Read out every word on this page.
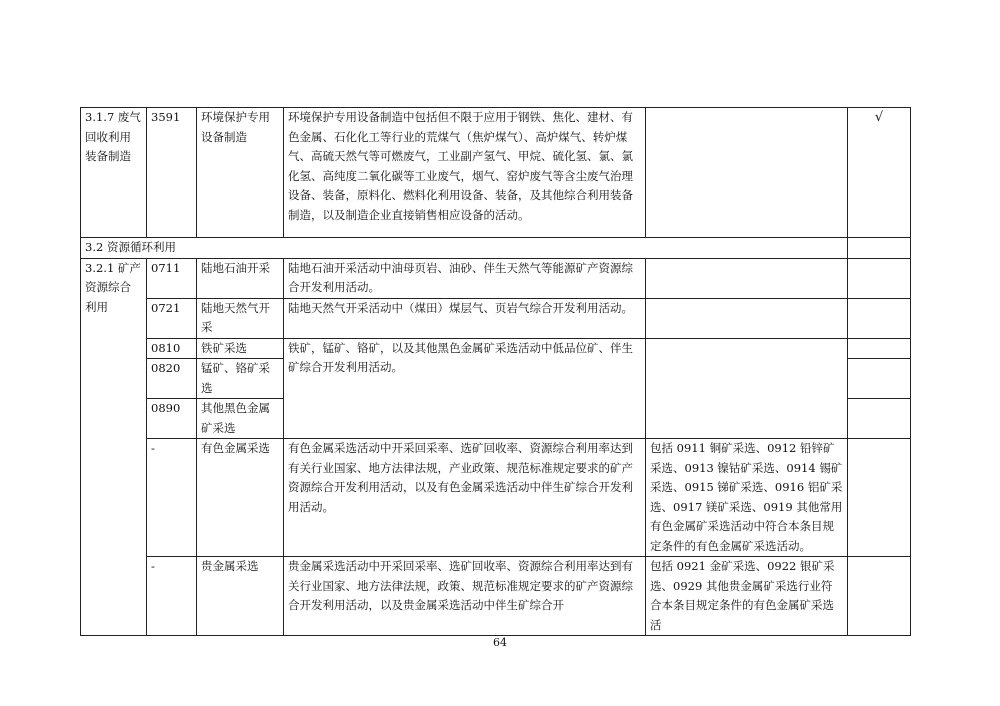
3.1.7 废气回收利用装备制造	3591	环境保护专用设备制造	环境保护专用设备制造中包括但不限于应用于钢铁、焦化、建材、有色金属、石化化工等行业的荒煤气（焦炉煤气）、高炉煤气、转炉煤气、高硫天然气等可燃废气，工业副产氢气、甲烷、硫化氢、氯、氯化氢、高纯度二氧化碳等工业废气，烟气、窑炉废气等含尘废气治理设备、装备，原料化、燃料化利用设备、装备，及其他综合利用装备制造，以及制造企业直接销售相应设备的活动。		√
3.2 资源循环利用					
3.2.1 矿产资源综合利用	0711	陆地石油开采	陆地石油开采活动中油母页岩、油砂、伴生天然气等能源矿产资源综合开发利用活动。		
	0721	陆地天然气开采	陆地天然气开采活动中（煤田）煤层气、页岩气综合开发利用活动。		
	0810	铁矿采选	铁矿，锰矿、铬矿，以及其他黑色金属矿采选活动中低品位矿、伴生矿综合开发利用活动。		
	0820	锰矿、铬矿采选			
	0890	其他黑色金属矿采选			
	-	有色金属采选	有色金属采选活动中开采回采率、选矿回收率、资源综合利用率达到有关行业国家、地方法律法规，产业政策、规范标准规定要求的矿产资源综合开发利用活动，以及有色金属采选活动中伴生矿综合开发利用活动。	包括 0911 铜矿采选、0912 铅锌矿采选、0913 镍钴矿采选、0914 锡矿采选、0915 锑矿采选、0916 铝矿采选、0917 镁矿采选、0919 其他常用有色金属矿采选活动中符合本条目规定条件的有色金属矿采选活动。	
	-	贵金属采选	贵金属采选活动中开采回采率、选矿回收率、资源综合利用率达到有关行业国家、地方法律法规，政策、规范标准规定要求的矿产资源综合开发利用活动，以及贵金属采选活动中伴生矿综合开	包括 0921 金矿采选、0922 银矿采选、0929 其他贵金属矿采选行业符合本条目规定条件的有色金属矿采选活	
64
